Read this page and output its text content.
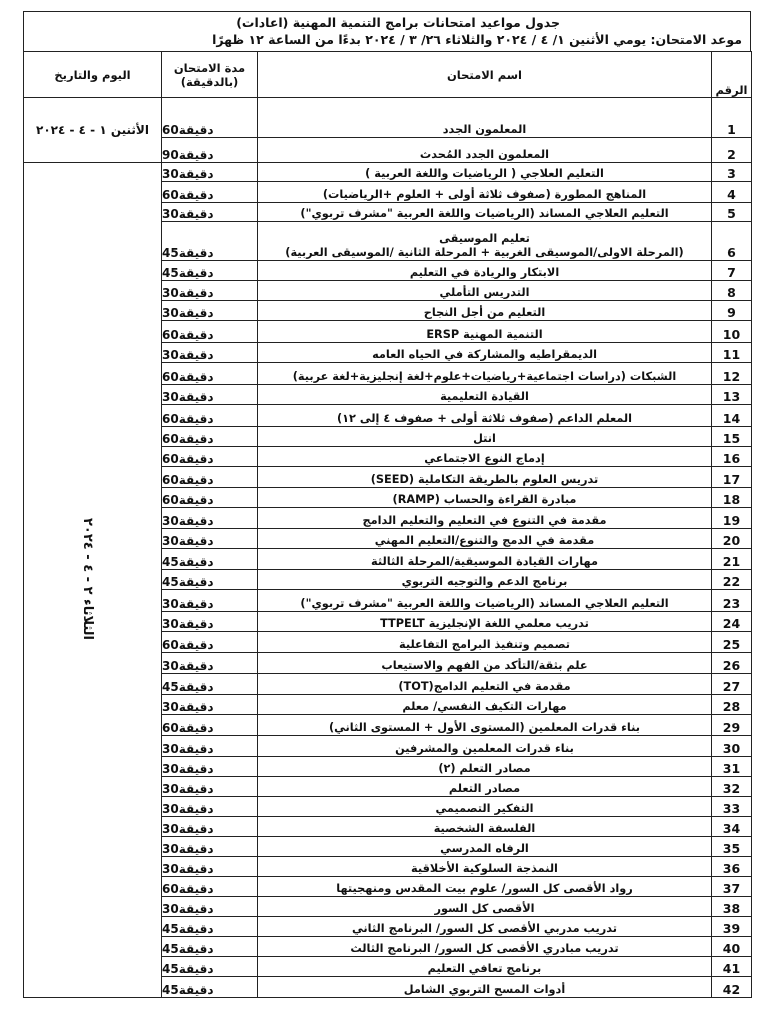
جدول مواعيد امتحانات برامج التنمية المهنية (اعادات)
موعد الامتحان: يومي الأثنين ١/ ٤ / ٢٠٢٤ والثلاثاء ٢٦/ ٣ / ٢٠٢٤ بدءًا من الساعة ١٢ ظهرًا
الرقم	اسم الامتحان	مدة الامتحان
(بالدقيقة)	اليوم والتاريخ
1	المعلمون الجدد	60دقيقة	الأثنين ١ - ٤ - ٢٠٢٤
2	المعلمون الجدد المُحدث	90دقيقة	
3	التعليم العلاجي ( الرياضيات واللغة العربية )	30دقيقة	الثلاثاء ٢ - ٤ - ٢٠٢٤
4	المناهج المطورة (صفوف ثلاثة أولى + العلوم +الرياضيات)	60دقيقة	
5	التعليم العلاجي المساند (الرياضيات واللغة العربية "مشرف تربوي")	30دقيقة	
6	تعليم الموسيقى
(المرحلة الاولى/الموسيقى الغربية + المرحلة الثانية /الموسيقى العربية)	45دقيقة	
7	الابتكار والريادة في التعليم	45دقيقة	
8	التدريس التأملي	30دقيقة	
9	التعليم من أجل النجاح	30دقيقة	
10	التنمية المهنية ERSP	60دقيقة	
11	الديمقراطيه والمشاركة في الحياه العامه	30دقيقة	
12	الشبكات (دراسات اجتماعية+رياضيات+علوم+لغة إنجليزية+لغة عربية)	60دقيقة	
13	القيادة التعليمية	30دقيقة	
14	المعلم الداعم (صفوف ثلاثة أولى + صفوف ٤ إلى ١٢)	60دقيقة	
15	انتل	60دقيقة	
16	إدماج النوع الاجتماعي	60دقيقة	
17	تدريس العلوم بالطريقة التكاملية (SEED)	60دقيقة	
18	مبادرة القراءة والحساب (RAMP)	60دقيقة	
19	مقدمة في التنوع في التعليم والتعليم الدامج	30دقيقة	
20	مقدمة في الدمج والتنوع/التعليم المهني	30دقيقة	
21	مهارات القيادة الموسيقية/المرحلة الثالثة	45دقيقة	
22	برنامج الدعم والتوجيه التربوي	45دقيقة	
23	التعليم العلاجي المساند (الرياضيات واللغة العربية "مشرف تربوي")	30دقيقة	
24	تدريب معلمي اللغة الإنجليزية TTPELT	30دقيقة	
25	تصميم وتنفيذ البرامج التفاعلية	60دقيقة	
26	علم بثقة/التأكد من الفهم والاستيعاب	30دقيقة	
27	مقدمة في التعليم الدامج(TOT)	45دقيقة	
28	مهارات التكيف النفسي/ معلم	30دقيقة	
29	بناء قدرات المعلمين (المستوى الأول + المستوى الثاني)	60دقيقة	
30	بناء قدرات المعلمين والمشرفين	30دقيقة	
31	مصادر التعلم (٢)	30دقيقة	
32	مصادر التعلم	30دقيقة	
33	التفكير التصميمي	30دقيقة	
34	الفلسفة الشخصية	30دقيقة	
35	الرفاه المدرسي	30دقيقة	
36	النمذجة السلوكية الأخلاقية	30دقيقة	
37	رواد الأقصى كل السور/ علوم بيت المقدس ومنهجيتها	60دقيقة	
38	الأقصى كل السور	30دقيقة	
39	تدريب مدربي الأقصى كل السور/ البرنامج الثاني	45دقيقة	
40	تدريب مبادري الأقصى كل السور/ البرنامج الثالث	45دقيقة	
41	برنامج تعافي التعليم	45دقيقة	
42	أدوات المسح التربوي الشامل	45دقيقة	
